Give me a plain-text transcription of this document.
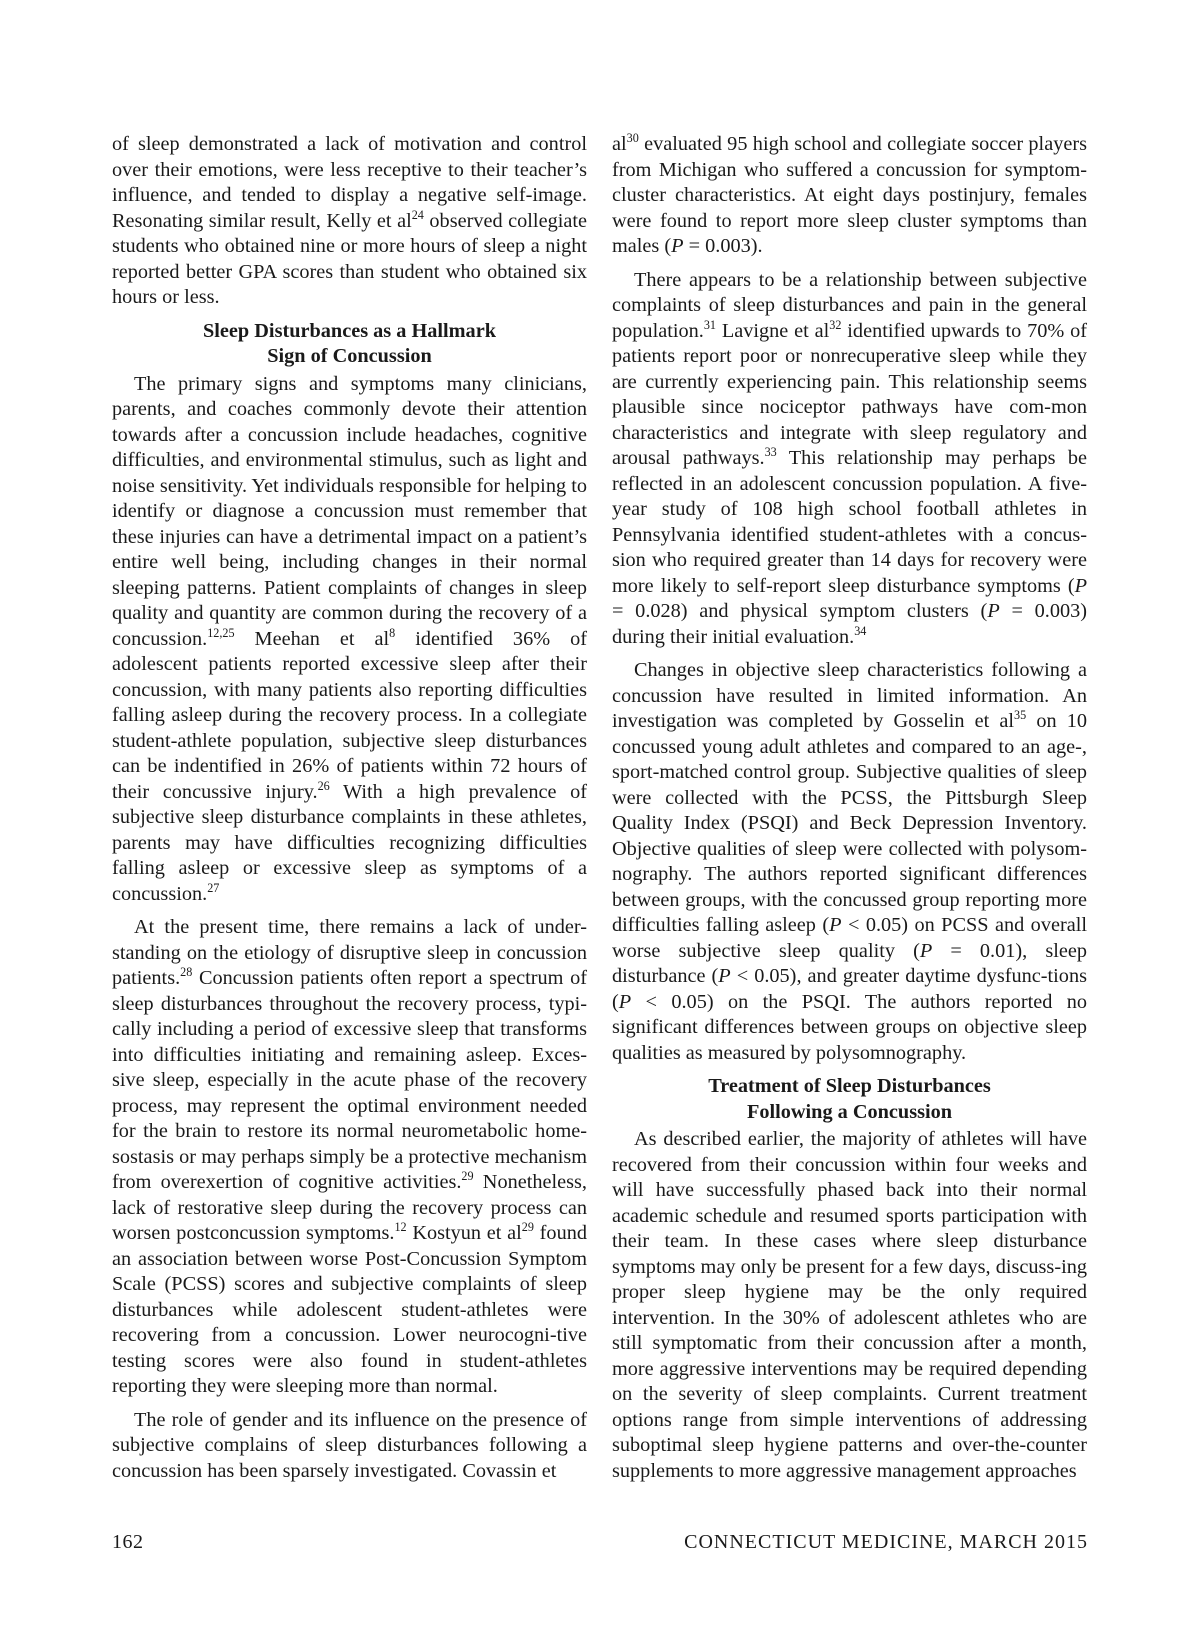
of sleep demonstrated a lack of motivation and control over their emotions, were less receptive to their teacher’s influence, and tended to display a negative self-image. Resonating similar result, Kelly et $al^{24}$ observed collegiate students who obtained nine or more hours of sleep a night reported better GPA scores than student who obtained six hours or less.

Sleep Disturbances as a Hallmark
Sign of Concussion

The primary signs and symptoms many clinicians, parents, and coaches commonly devote their attention towards after a concussion include headaches, cognitive difficulties, and environmental stimulus, such as light and noise sensitivity. Yet individuals responsible for helping to identify or diagnose a concussion must remember that these injuries can have a detrimental impact on a patient’s entire well being, including changes in their normal sleeping patterns. Patient complaints of changes in sleep quality and quantity are common during the recovery of a concussion.$^{12,25}$ Meehan et $al^8$ identified 36% of adolescent patients reported excessive sleep after their concussion, with many patients also reporting difficulties falling asleep during the recovery process. In a collegiate student-athlete population, subjective sleep disturbances can be indentified in 26% of patients within 72 hours of their concussive injury.$^{26}$ With a high prevalence of subjective sleep disturbance complaints in these athletes, parents may have difficulties recognizing difficulties falling asleep or excessive sleep as symptoms of a concussion.$^{27}$

At the present time, there remains a lack of under-standing on the etiology of disruptive sleep in concussion patients.$^{28}$ Concussion patients often report a spectrum of sleep disturbances throughout the recovery process, typi-cally including a period of excessive sleep that transforms into difficulties initiating and remaining asleep. Exces-sive sleep, especially in the acute phase of the recovery process, may represent the optimal environment needed for the brain to restore its normal neurometabolic home-sostasis or may perhaps simply be a protective mechanism from overexertion of cognitive activities.$^{29}$ Nonetheless, lack of restorative sleep during the recovery process can worsen postconcussion symptoms.$^{12}$ Kostyun et $al^{29}$ found an association between worse Post-Concussion Symptom Scale (PCSS) scores and subjective complaints of sleep disturbances while adolescent student-athletes were recovering from a concussion. Lower neurocogni-tive testing scores were also found in student-athletes reporting they were sleeping more than normal.

The role of gender and its influence on the presence of subjective complains of sleep disturbances following a concussion has been sparsely investigated. Covassin et

$al^{30}$ evaluated 95 high school and collegiate soccer players from Michigan who suffered a concussion for symptom-cluster characteristics. At eight days postinjury, females were found to report more sleep cluster symptoms than males (P = 0.003).

There appears to be a relationship between subjective complaints of sleep disturbances and pain in the general population.$^{31}$ Lavigne et $al^{32}$ identified upwards to 70% of patients report poor or nonrecuperative sleep while they are currently experiencing pain. This relationship seems plausible since nociceptor pathways have com-mon characteristics and integrate with sleep regulatory and arousal pathways.$^{33}$ This relationship may perhaps be reflected in an adolescent concussion population. A five-year study of 108 high school football athletes in Pennsylvania identified student-athletes with a concus-sion who required greater than 14 days for recovery were more likely to self-report sleep disturbance symptoms (P = 0.028) and physical symptom clusters (P = 0.003) during their initial evaluation.$^{34}$

Changes in objective sleep characteristics following a concussion have resulted in limited information. An investigation was completed by Gosselin et $al^{35}$ on 10 concussed young adult athletes and compared to an age-, sport-matched control group. Subjective qualities of sleep were collected with the PCSS, the Pittsburgh Sleep Quality Index (PSQI) and Beck Depression Inventory. Objective qualities of sleep were collected with polysom-nography. The authors reported significant differences between groups, with the concussed group reporting more difficulties falling asleep (P < 0.05) on PCSS and overall worse subjective sleep quality (P = 0.01), sleep disturbance (P < 0.05), and greater daytime dysfunc-tions (P < 0.05) on the PSQI. The authors reported no significant differences between groups on objective sleep qualities as measured by polysomnography.

Treatment of Sleep Disturbances
Following a Concussion

As described earlier, the majority of athletes will have recovered from their concussion within four weeks and will have successfully phased back into their normal academic schedule and resumed sports participation with their team. In these cases where sleep disturbance symptoms may only be present for a few days, discuss-ing proper sleep hygiene may be the only required intervention. In the 30% of adolescent athletes who are still symptomatic from their concussion after a month, more aggressive interventions may be required depending on the severity of sleep complaints. Current treatment options range from simple interventions of addressing suboptimal sleep hygiene patterns and over-the-counter supplements to more aggressive management approaches

162	CONNECTICUT MEDICINE, MARCH 2015
